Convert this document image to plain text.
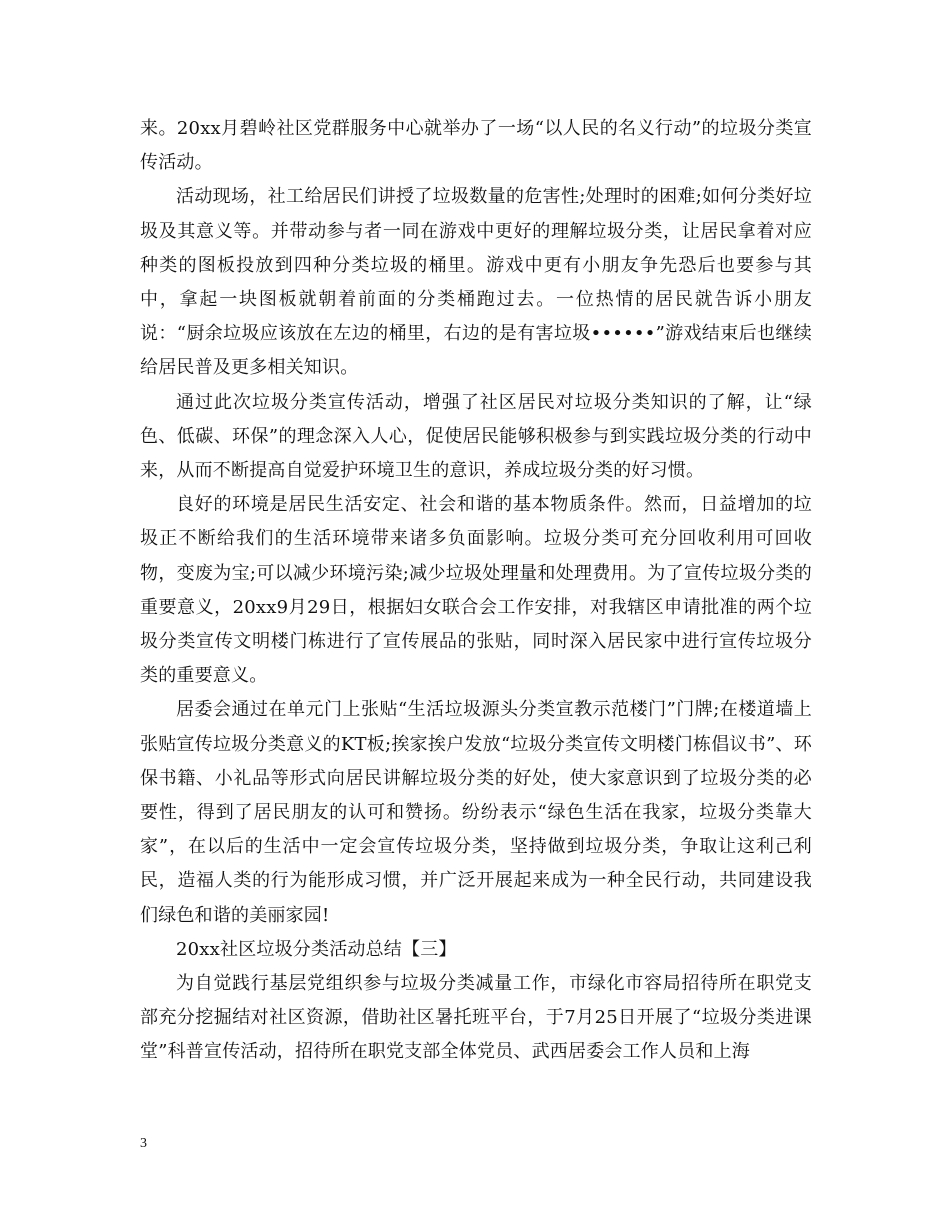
来。20xx月碧岭社区党群服务中心就举办了一场“以人民的名义行动”的垃圾分类宣传活动。

活动现场，社工给居民们讲授了垃圾数量的危害性;处理时的困难;如何分类好垃圾及其意义等。并带动参与者一同在游戏中更好的理解垃圾分类，让居民拿着对应种类的图板投放到四种分类垃圾的桶里。游戏中更有小朋友争先恐后也要参与其中，拿起一块图板就朝着前面的分类桶跑过去。一位热情的居民就告诉小朋友说：“厨余垃圾应该放在左边的桶里，右边的是有害垃圾••••••”游戏结束后也继续给居民普及更多相关知识。

通过此次垃圾分类宣传活动，增强了社区居民对垃圾分类知识的了解，让“绿色、低碳、环保”的理念深入人心，促使居民能够积极参与到实践垃圾分类的行动中来，从而不断提高自觉爱护环境卫生的意识，养成垃圾分类的好习惯。

良好的环境是居民生活安定、社会和谐的基本物质条件。然而，日益增加的垃圾正不断给我们的生活环境带来诸多负面影响。垃圾分类可充分回收利用可回收物，变废为宝;可以减少环境污染;减少垃圾处理量和处理费用。为了宣传垃圾分类的重要意义，20xx9月29日，根据妇女联合会工作安排，对我辖区申请批准的两个垃圾分类宣传文明楼门栋进行了宣传展品的张贴，同时深入居民家中进行宣传垃圾分类的重要意义。

居委会通过在单元门上张贴“生活垃圾源头分类宣教示范楼门”门牌;在楼道墙上张贴宣传垃圾分类意义的KT板;挨家挨户发放“垃圾分类宣传文明楼门栋倡议书”、环保书籍、小礼品等形式向居民讲解垃圾分类的好处，使大家意识到了垃圾分类的必要性，得到了居民朋友的认可和赞扬。纷纷表示“绿色生活在我家，垃圾分类靠大家”，在以后的生活中一定会宣传垃圾分类，坚持做到垃圾分类，争取让这利己利民，造福人类的行为能形成习惯，并广泛开展起来成为一种全民行动，共同建设我们绿色和谐的美丽家园!

20xx社区垃圾分类活动总结【三】

为自觉践行基层党组织参与垃圾分类减量工作，市绿化市容局招待所在职党支部充分挖掘结对社区资源，借助社区暑托班平台，于7月25日开展了“垃圾分类进课堂”科普宣传活动，招待所在职党支部全体党员、武西居委会工作人员和上海

3
